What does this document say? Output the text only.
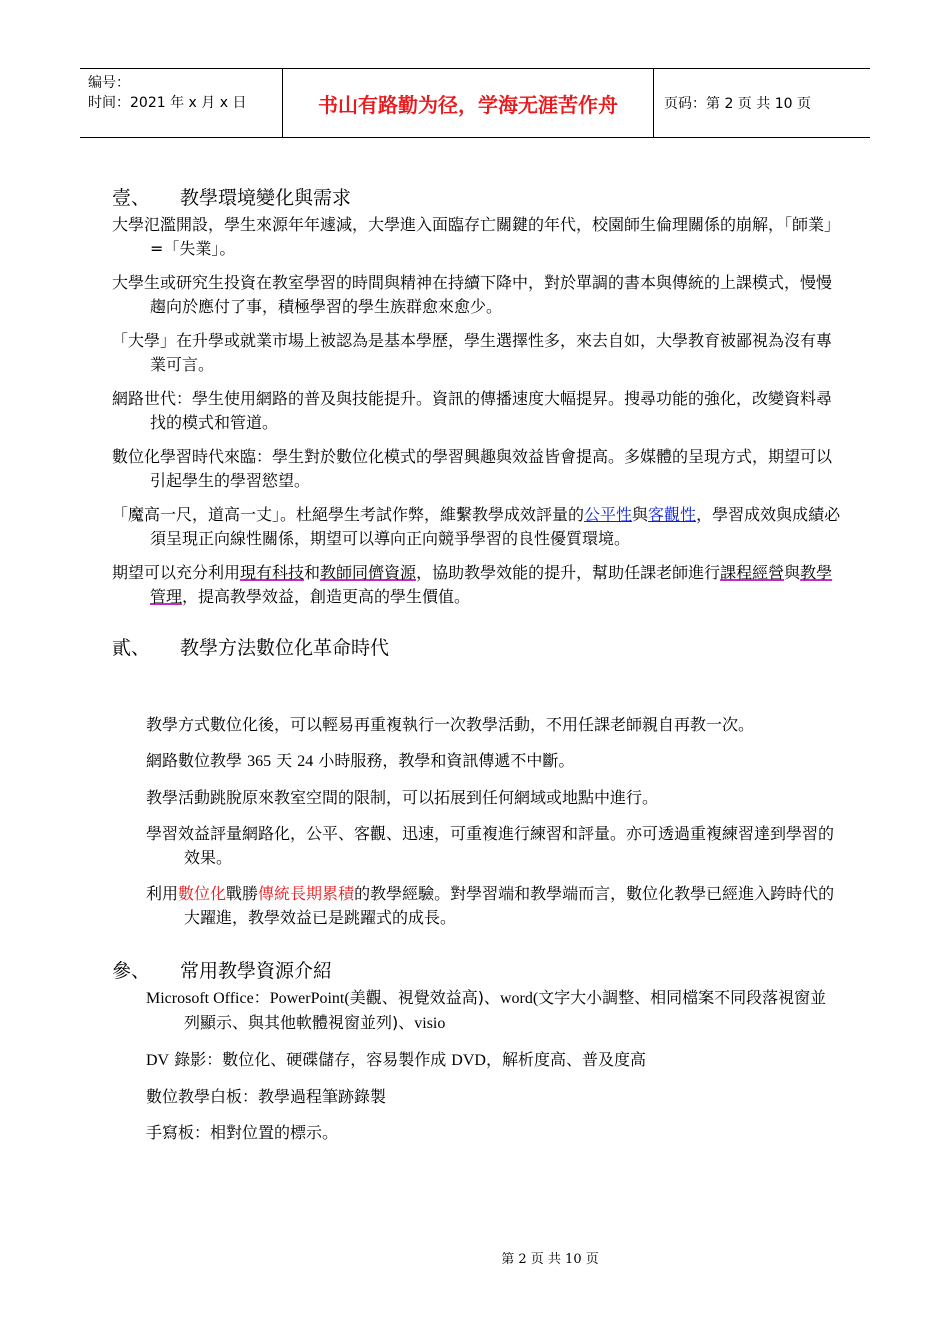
编号：
时间：2021 年 x 月 x 日	书山有路勤为径，学海无涯苦作舟	页码：第 2 页 共 10 页
壹、	教學環境變化與需求

大學氾濫開設，學生來源年年遽減，大學進入面臨存亡關鍵的年代，校園師生倫理關係的崩解，「師業」=「失業」。

大學生或研究生投資在教室學習的時間與精神在持續下降中，對於單調的書本與傳統的上課模式，慢慢趨向於應付了事，積極學習的學生族群愈來愈少。

「大學」在升學或就業市場上被認為是基本學歷，學生選擇性多，來去自如，大學教育被鄙視為沒有專業可言。

網路世代：學生使用網路的普及與技能提升。資訊的傳播速度大幅提昇。搜尋功能的強化，改變資料尋找的模式和管道。

數位化學習時代來臨：學生對於數位化模式的學習興趣與效益皆會提高。多媒體的呈現方式，期望可以引起學生的學習慾望。

「魔高一尺，道高一丈」。杜絕學生考試作弊，維繫教學成效評量的公平性與客觀性，學習成效與成績必須呈現正向線性關係，期望可以導向正向競爭學習的良性優質環境。

期望可以充分利用現有科技和教師同儕資源，協助教學效能的提升，幫助任課老師進行課程經營與教學管理，提高教學效益，創造更高的學生價值。

貳、	教學方法數位化革命時代

教學方式數位化後，可以輕易再重複執行一次教學活動，不用任課老師親自再教一次。

網路數位教學 365 天 24 小時服務，教學和資訊傳遞不中斷。

教學活動跳脫原來教室空間的限制，可以拓展到任何網域或地點中進行。

學習效益評量網路化，公平、客觀、迅速，可重複進行練習和評量。亦可透過重複練習達到學習的效果。

利用數位化戰勝傳統長期累積的教學經驗。對學習端和教學端而言，數位化教學已經進入跨時代的大躍進，教學效益已是跳躍式的成長。

參、	常用教學資源介紹

Microsoft Office：PowerPoint(美觀、視覺效益高)、word(文字大小調整、相同檔案不同段落視窗並列顯示、與其他軟體視窗並列)、visio

DV 錄影：數位化、硬碟儲存，容易製作成 DVD，解析度高、普及度高

數位教學白板：教學過程筆跡錄製

手寫板：相對位置的標示。

第 2 页 共 10 页
